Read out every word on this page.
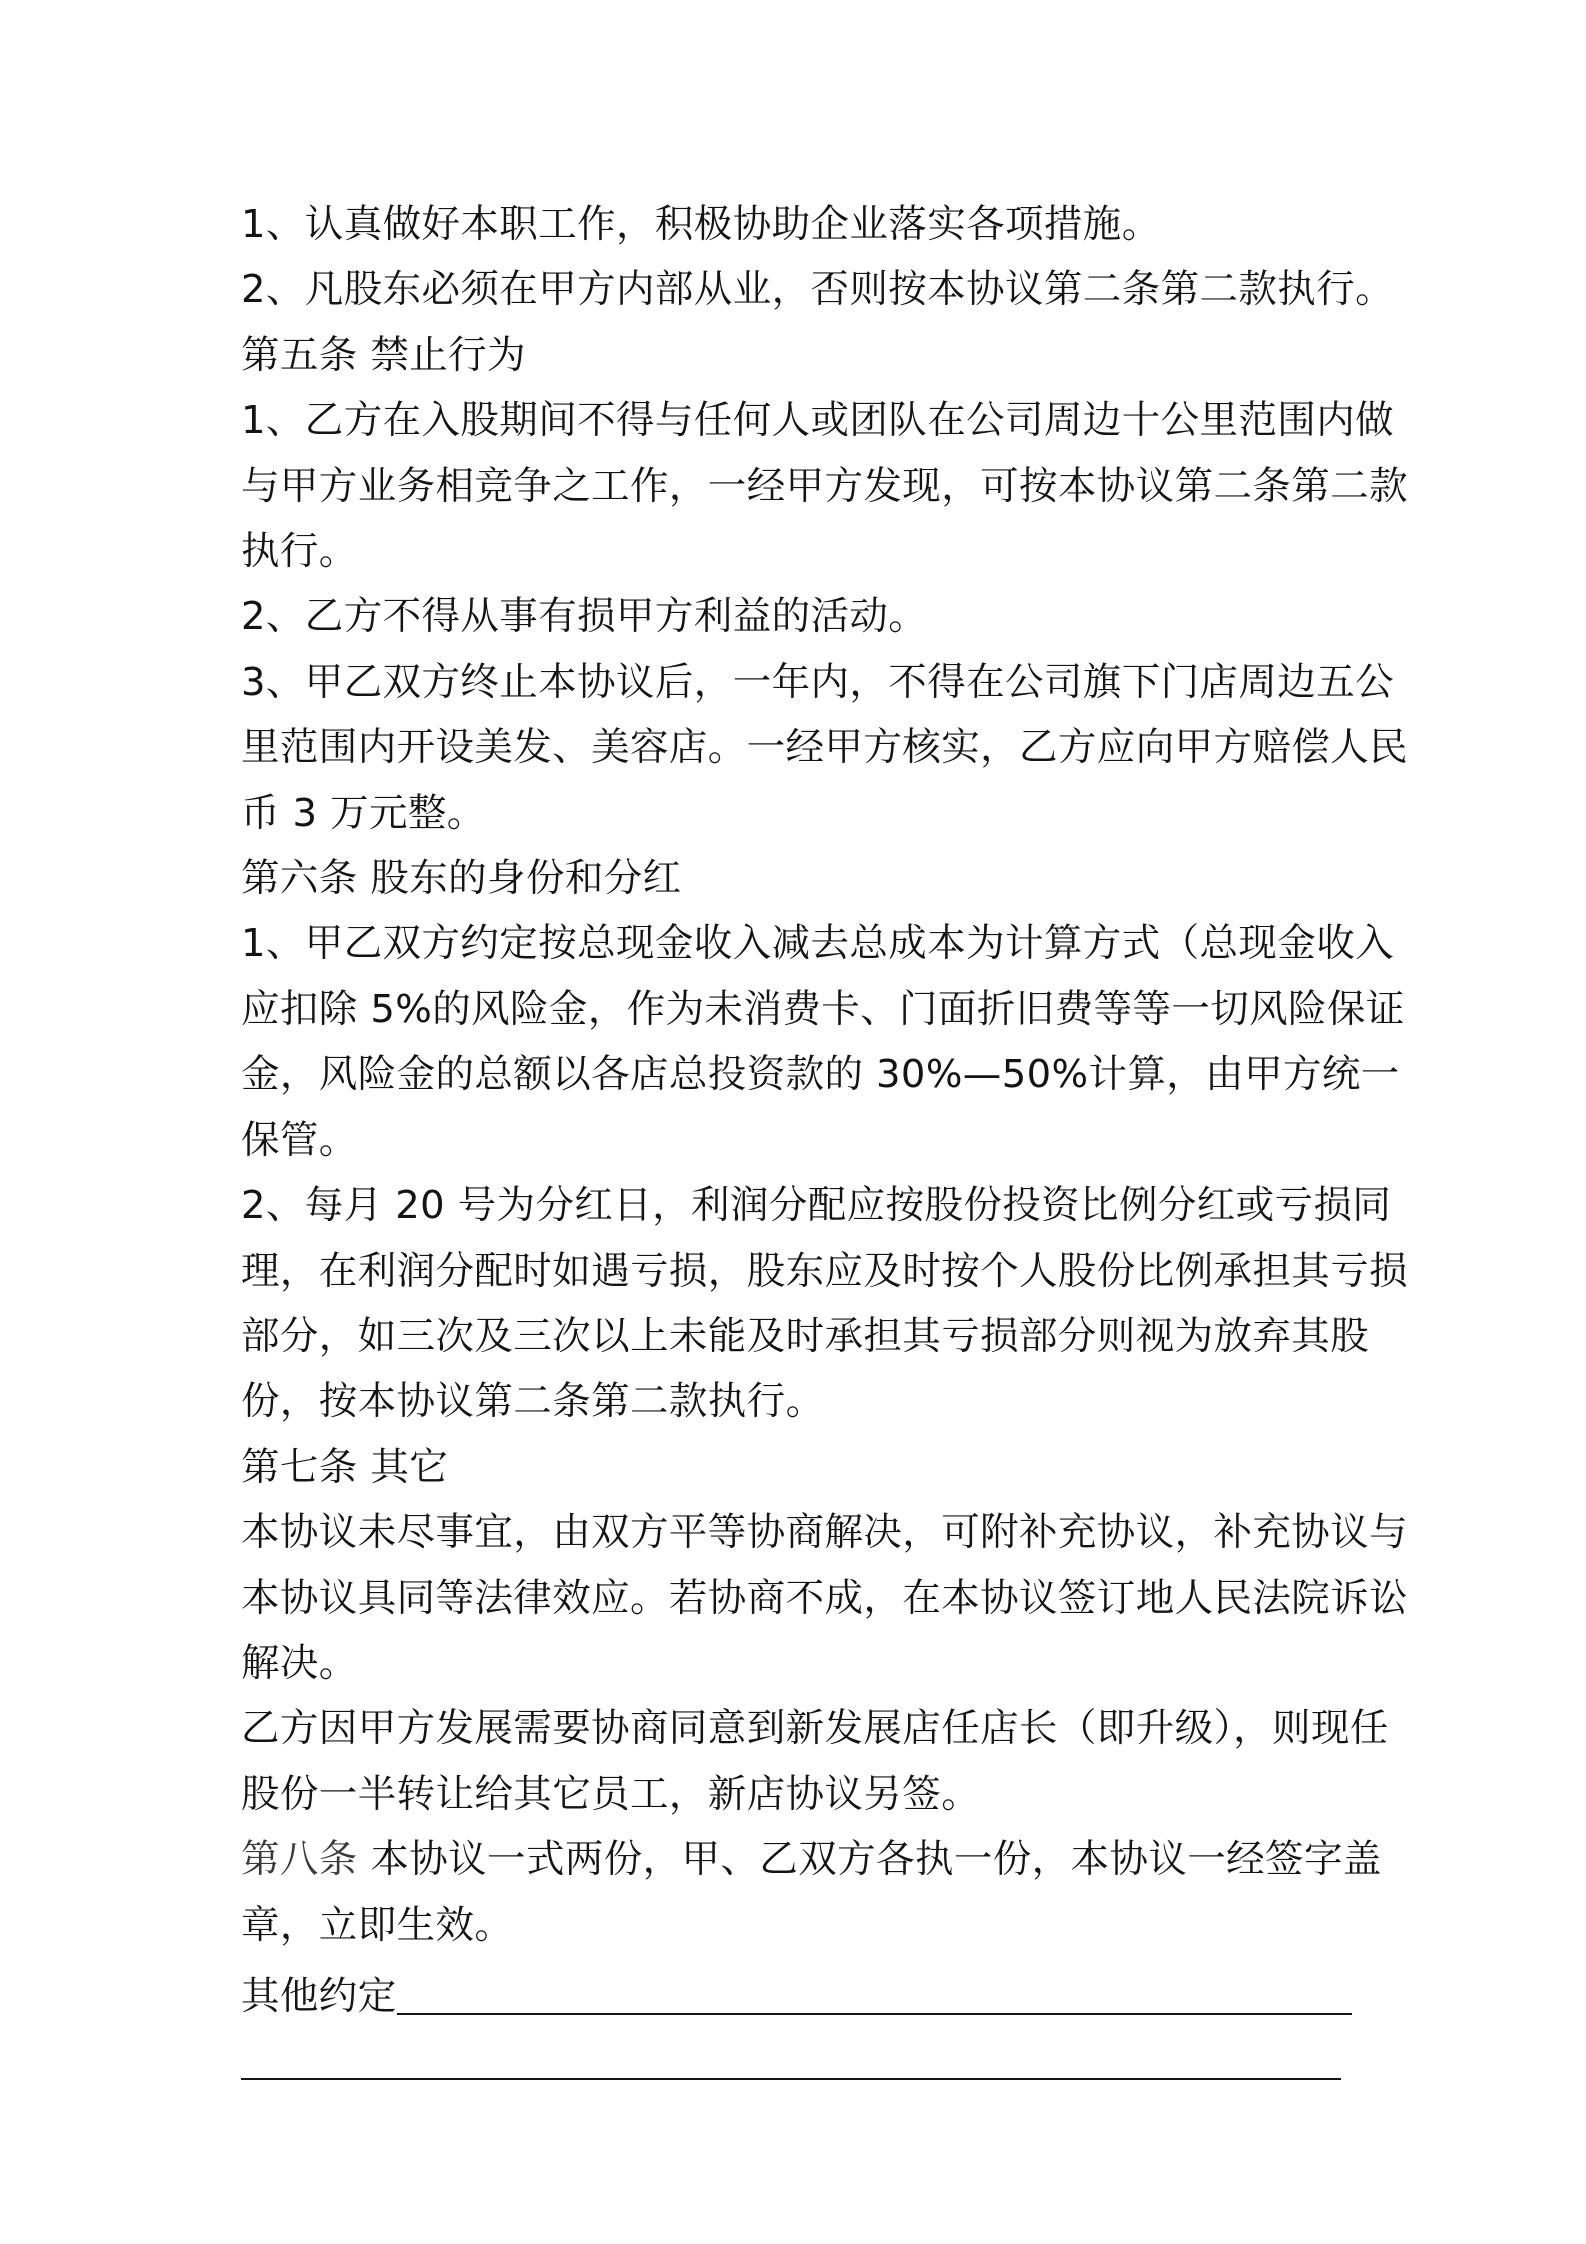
1、认真做好本职工作，积极协助企业落实各项措施。

2、凡股东必须在甲方内部从业，否则按本协议第二条第二款执行。

第五条 禁止行为

1、乙方在入股期间不得与任何人或团队在公司周边十公里范围内做

与甲方业务相竞争之工作，一经甲方发现，可按本协议第二条第二款

执行。

2、乙方不得从事有损甲方利益的活动。

3、甲乙双方终止本协议后，一年内，不得在公司旗下门店周边五公

里范围内开设美发、美容店。一经甲方核实，乙方应向甲方赔偿人民

币 3 万元整。

第六条 股东的身份和分红

1、甲乙双方约定按总现金收入减去总成本为计算方式（总现金收入

应扣除 5%的风险金，作为未消费卡、门面折旧费等等一切风险保证

金，风险金的总额以各店总投资款的 30%—50%计算，由甲方统一

保管。

2、每月 20 号为分红日，利润分配应按股份投资比例分红或亏损同

理，在利润分配时如遇亏损，股东应及时按个人股份比例承担其亏损

部分，如三次及三次以上未能及时承担其亏损部分则视为放弃其股

份，按本协议第二条第二款执行。

第七条 其它

本协议未尽事宜，由双方平等协商解决，可附补充协议，补充协议与

本协议具同等法律效应。若协商不成，在本协议签订地人民法院诉讼

解决。

乙方因甲方发展需要协商同意到新发展店任店长（即升级），则现任

股份一半转让给其它员工，新店协议另签。

第八条 本协议一式两份，甲、乙双方各执一份，本协议一经签字盖

章，立即生效。

其他约定
